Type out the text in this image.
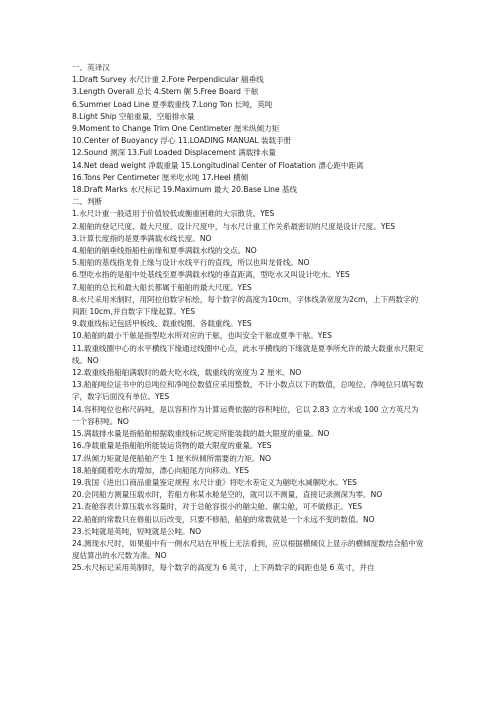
一、英译汉
1.Draft Survey 水尺计重 2.Fore Perpendicular 艏垂线
3.Length Overall 总长 4.Stern 艉 5.Free Board 干舷
6.Summer Load Line 夏季载重线 7.Long Ton 长吨，英吨
8.Light Ship 空船重量，空船排水量
9.Moment to Change Trim One Centimeter 厘米纵倾力矩
10.Center of Buoyancy 浮心 11.LOADING MANUAL 装载手册
12.Sound 测深 13.Full Loaded Displacement 满载排水量
14.Net dead weight 净载重量 15.Longitudinal Center of Floatation 漂心距中距离
16.Tons Per Centimeter 厘米吃水吨 17.Heel 横倾
18.Draft Marks 水尺标记 19.Maximum 最大 20.Base Line 基线
二、判断
1.水尺计重一般适用于价值较低或衡重困难的大宗散货。YES
2.船舶的登记尺度、最大尺度、设计尺度中，与水尺计重工作关系最密切的尺度是设计尺度。YES
3.计算长度指的是夏季满载水线长度。NO
4.船舶的艏垂线指船柱前缘和夏季满载水线的交点。NO
5.船舶的基线指龙骨上缘与设计水线平行的直线，所以也叫龙骨线。NO
6.型吃水指的是船中处基线至夏季满载水线的垂直距离，型吃水又叫设计吃水。YES
7.船舶的总长和最大船长都属于船舶的最大尺度。YES
8.水尺采用米制时，用阿拉伯数字标绘，每个数字的高度为10cm，字体线条宽度为2cm，上下两数字的间距 10cm,并自数字下缘起算。YES
9.载重线标记包括甲板线、载重线圈、各载重线。YES
10.船舶的最小干舷是指型吃水所对应的干舷，也叫安全干舷或夏季干舷。YES
11.载重线圈中心的水平横线下缘通过线圈中心点，此水平横线的下缘就是夏季所允许的最大载重水尺限定线。NO
12.载重线指船舶满载时的最大吃水线，载重线的宽度为 2 厘米。NO
13.船舶吨位证书中的总吨位和净吨位数值应采用整数，不计小数点以下的数值，总吨位、净吨位只填写数字，数字后面没有单位。YES
14.容积吨位也称尺码吨，是以容积作为计算运费依据的容积吨位，它以 2.83 立方米或 100 立方英尺为一个容积吨。NO
15.满载排水量是指船舶根据载重线标记规定所能装载的最大限度的重量。NO
16.净载重量是指船舶所能装运货物的最大限度的重量。YES
17.纵倾力矩就是使船舶产生 1 厘米纵倾所需要的力矩。NO
18.船舶随着吃水的增加，漂心向船尾方向移动。YES
19.我国《进出口商品重量鉴定规程 水尺计重》将吃水差定义为艏吃水减艉吃水。YES
20.会同船方测量压载水时，若船方称某水舱是空的，就可以不测量，直接记录测深为零。NO
21.查舱容表计算压载水容量时，对于总舱容很小的艏尖舱、艉尖舱，可不做修正。YES
22.船舶的常数只在修船以后改变，只要不修船，船舶的常数就是一个永远不变的数值。NO
23.长吨就是英吨，短吨就是公吨。NO
24.测现水尺时，如果船中有一侧水尺站在甲板上无法看到，应以根据横倾仪上显示的横倾度数结合船中宽度估算出的水尺数为准。NO
25.水尺标记采用英制时，每个数字的高度为 6 英寸，上下两数字的间距也是 6 英寸，并自
